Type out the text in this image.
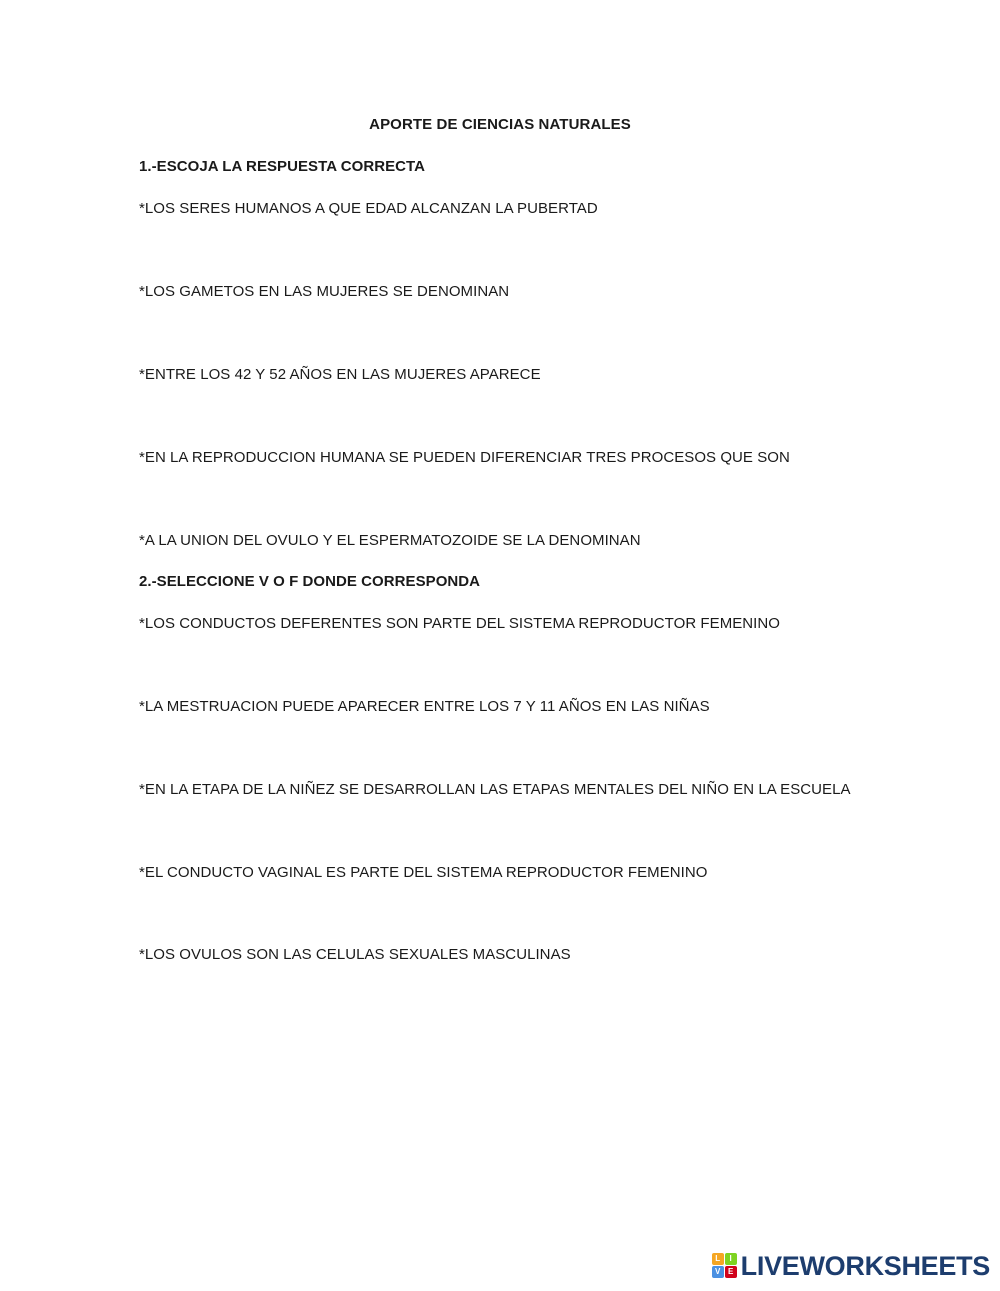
APORTE DE CIENCIAS NATURALES
1.-ESCOJA LA RESPUESTA CORRECTA
*LOS SERES HUMANOS A QUE EDAD ALCANZAN LA PUBERTAD
*LOS GAMETOS EN LAS MUJERES SE DENOMINAN
*ENTRE LOS 42 Y 52 AÑOS EN LAS MUJERES APARECE
*EN LA REPRODUCCION HUMANA SE PUEDEN DIFERENCIAR TRES PROCESOS QUE SON
*A LA UNION DEL OVULO Y EL ESPERMATOZOIDE SE LA DENOMINAN
2.-SELECCIONE V O F DONDE CORRESPONDA
*LOS CONDUCTOS DEFERENTES SON PARTE DEL SISTEMA REPRODUCTOR FEMENINO
*LA MESTRUACION PUEDE APARECER ENTRE LOS 7 Y 11 AÑOS EN LAS NIÑAS
*EN LA ETAPA DE LA NIÑEZ SE DESARROLLAN LAS ETAPAS MENTALES DEL NIÑO EN LA ESCUELA
*EL CONDUCTO VAGINAL ES PARTE DEL SISTEMA REPRODUCTOR FEMENINO
*LOS OVULOS SON LAS CELULAS SEXUALES MASCULINAS
L	I
V E LIVEWORKSHEETS
